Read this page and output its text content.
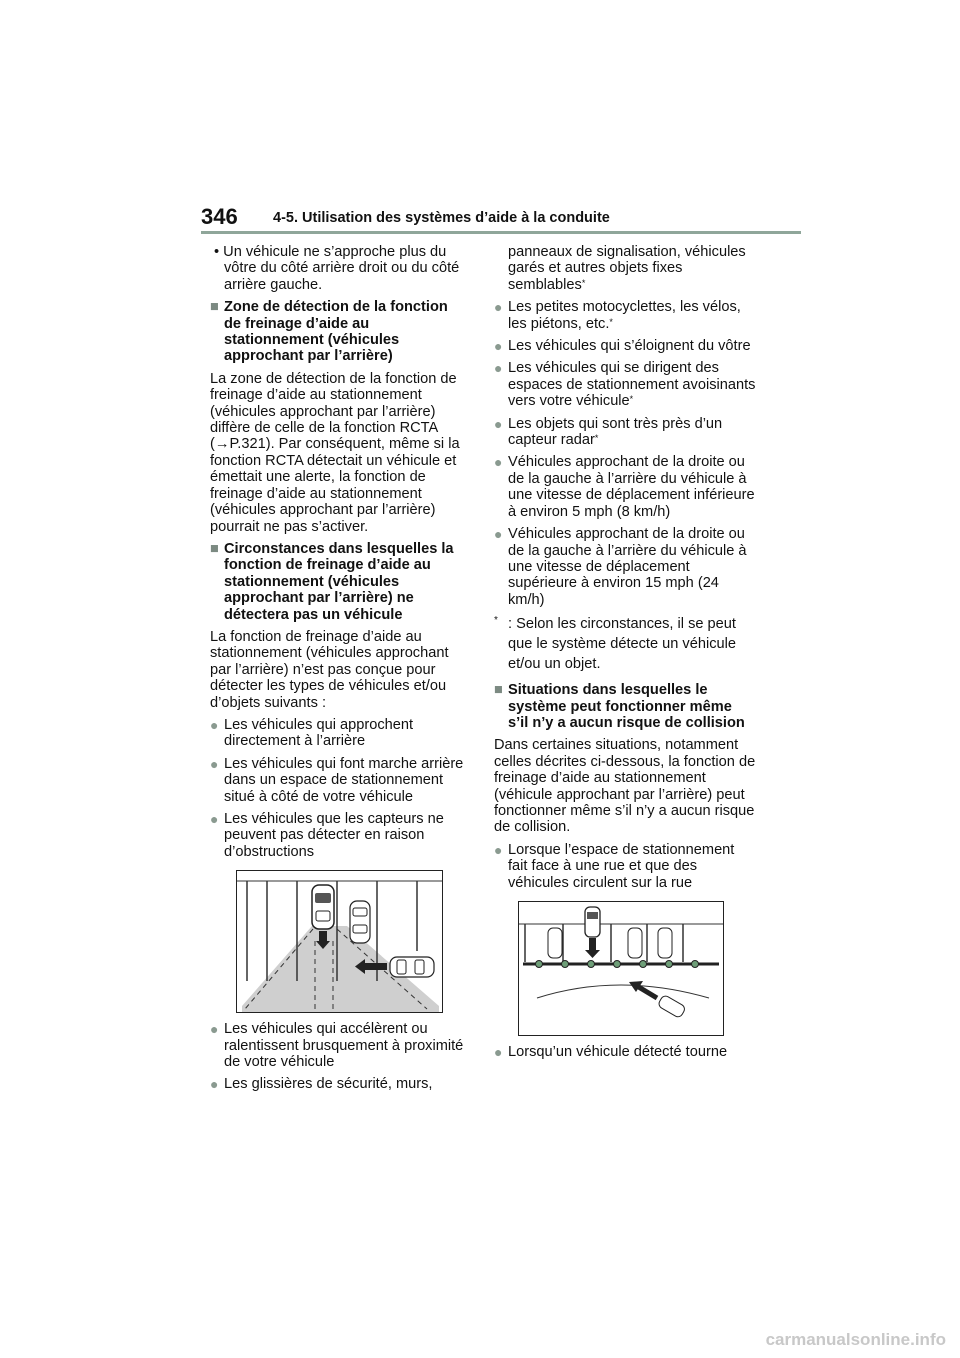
346 4-5. Utilisation des systèmes d’aide à la conduite

• Un véhicule ne s’approche plus du vôtre du côté arrière droit ou du côté arrière gauche.

■ Zone de détection de la fonction de freinage d’aide au stationnement (véhicules approchant par l’arrière)

La zone de détection de la fonction de freinage d’aide au stationnement (véhicules approchant par l’arrière) diffère de celle de la fonction RCTA (→P.321). Par conséquent, même si la fonction RCTA détectait un véhicule et émettait une alerte, la fonction de freinage d’aide au stationnement (véhicules approchant par l’arrière) pourrait ne pas s’activer.

■ Circonstances dans lesquelles la fonction de freinage d’aide au stationnement (véhicules approchant par l’arrière) ne détectera pas un véhicule

La fonction de freinage d’aide au stationnement (véhicules approchant par l’arrière) n’est pas conçue pour détecter les types de véhicules et/ou d’objets suivants :

● Les véhicules qui approchent directement à l’arrière
● Les véhicules qui font marche arrière dans un espace de stationnement situé à côté de votre véhicule
● Les véhicules que les capteurs ne peuvent pas détecter en raison d’obstructions
● Les véhicules qui accélèrent ou ralentissent brusquement à proximité de votre véhicule
● Les glissières de sécurité, murs,

panneaux de signalisation, véhicules garés et autres objets fixes semblables*

● Les petites motocyclettes, les vélos, les piétons, etc.*
● Les véhicules qui s’éloignent du vôtre
● Les véhicules qui se dirigent des espaces de stationnement avoisinants vers votre véhicule*
● Les objets qui sont très près d’un capteur radar*
● Véhicules approchant de la droite ou de la gauche à l’arrière du véhicule à une vitesse de déplacement inférieure à environ 5 mph (8 km/h)
● Véhicules approchant de la droite ou de la gauche à l’arrière du véhicule à une vitesse de déplacement supérieure à environ 15 mph (24 km/h)
* : Selon les circonstances, il se peut que le système détecte un véhicule et/ou un objet.
■ Situations dans lesquelles le système peut fonctionner même s’il n’y a aucun risque de collision

Dans certaines situations, notamment celles décrites ci-dessous, la fonction de freinage d’aide au stationnement (véhicule approchant par l’arrière) peut fonctionner même s’il n’y a aucun risque de collision.

● Lorsque l’espace de stationnement fait face à une rue et que des véhicules circulent sur la rue
● Lorsqu’un véhicule détecté tourne
carmanualsonline.info
